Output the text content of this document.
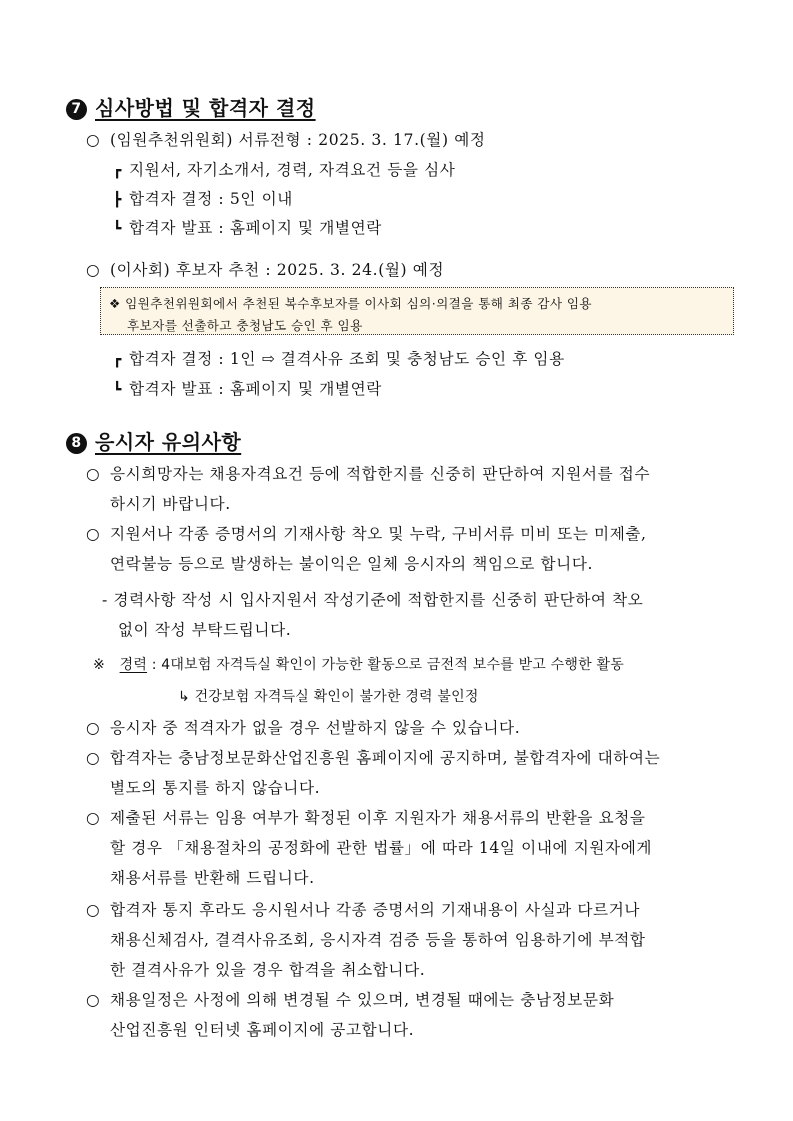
7 심사방법 및 합격자 결정
○ (임원추천위원회) 서류전형 : 2025. 3. 17.(월) 예정
┏ 지원서, 자기소개서, 경력, 자격요건 등을 심사
┣ 합격자 결정 : 5인 이내
┗ 합격자 발표 : 홈페이지 및 개별연락
○ (이사회) 후보자 추천 : 2025. 3. 24.(월) 예정
❖ 임원추천위원회에서 추천된 복수후보자를 이사회 심의·의결을 통해 최종 감사 임용
후보자를 선출하고 충청남도 승인 후 임용
┏ 합격자 결정 : 1인 ⇨ 결격사유 조회 및 충청남도 승인 후 임용
┗ 합격자 발표 : 홈페이지 및 개별연락
8 응시자 유의사항
○ 응시희망자는 채용자격요건 등에 적합한지를 신중히 판단하여 지원서를 접수
하시기 바랍니다.
○ 지원서나 각종 증명서의 기재사항 착오 및 누락, 구비서류 미비 또는 미제출,
연락불능 등으로 발생하는 불이익은 일체 응시자의 책임으로 합니다.
- 경력사항 작성 시 입사지원서 작성기준에 적합한지를 신중히 판단하여 착오
없이 작성 부탁드립니다.
※ 경력 : 4대보험 자격득실 확인이 가능한 활동으로 금전적 보수를 받고 수행한 활동
↳ 건강보험 자격득실 확인이 불가한 경력 불인정
○ 응시자 중 적격자가 없을 경우 선발하지 않을 수 있습니다.
○ 합격자는 충남정보문화산업진흥원 홈페이지에 공지하며, 불합격자에 대하여는
별도의 통지를 하지 않습니다.
○ 제출된 서류는 임용 여부가 확정된 이후 지원자가 채용서류의 반환을 요청을
할 경우 「채용절차의 공정화에 관한 법률」에 따라 14일 이내에 지원자에게
채용서류를 반환해 드립니다.
○ 합격자 통지 후라도 응시원서나 각종 증명서의 기재내용이 사실과 다르거나
채용신체검사, 결격사유조회, 응시자격 검증 등을 통하여 임용하기에 부적합
한 결격사유가 있을 경우 합격을 취소합니다.
○ 채용일정은 사정에 의해 변경될 수 있으며, 변경될 때에는 충남정보문화
산업진흥원 인터넷 홈페이지에 공고합니다.
